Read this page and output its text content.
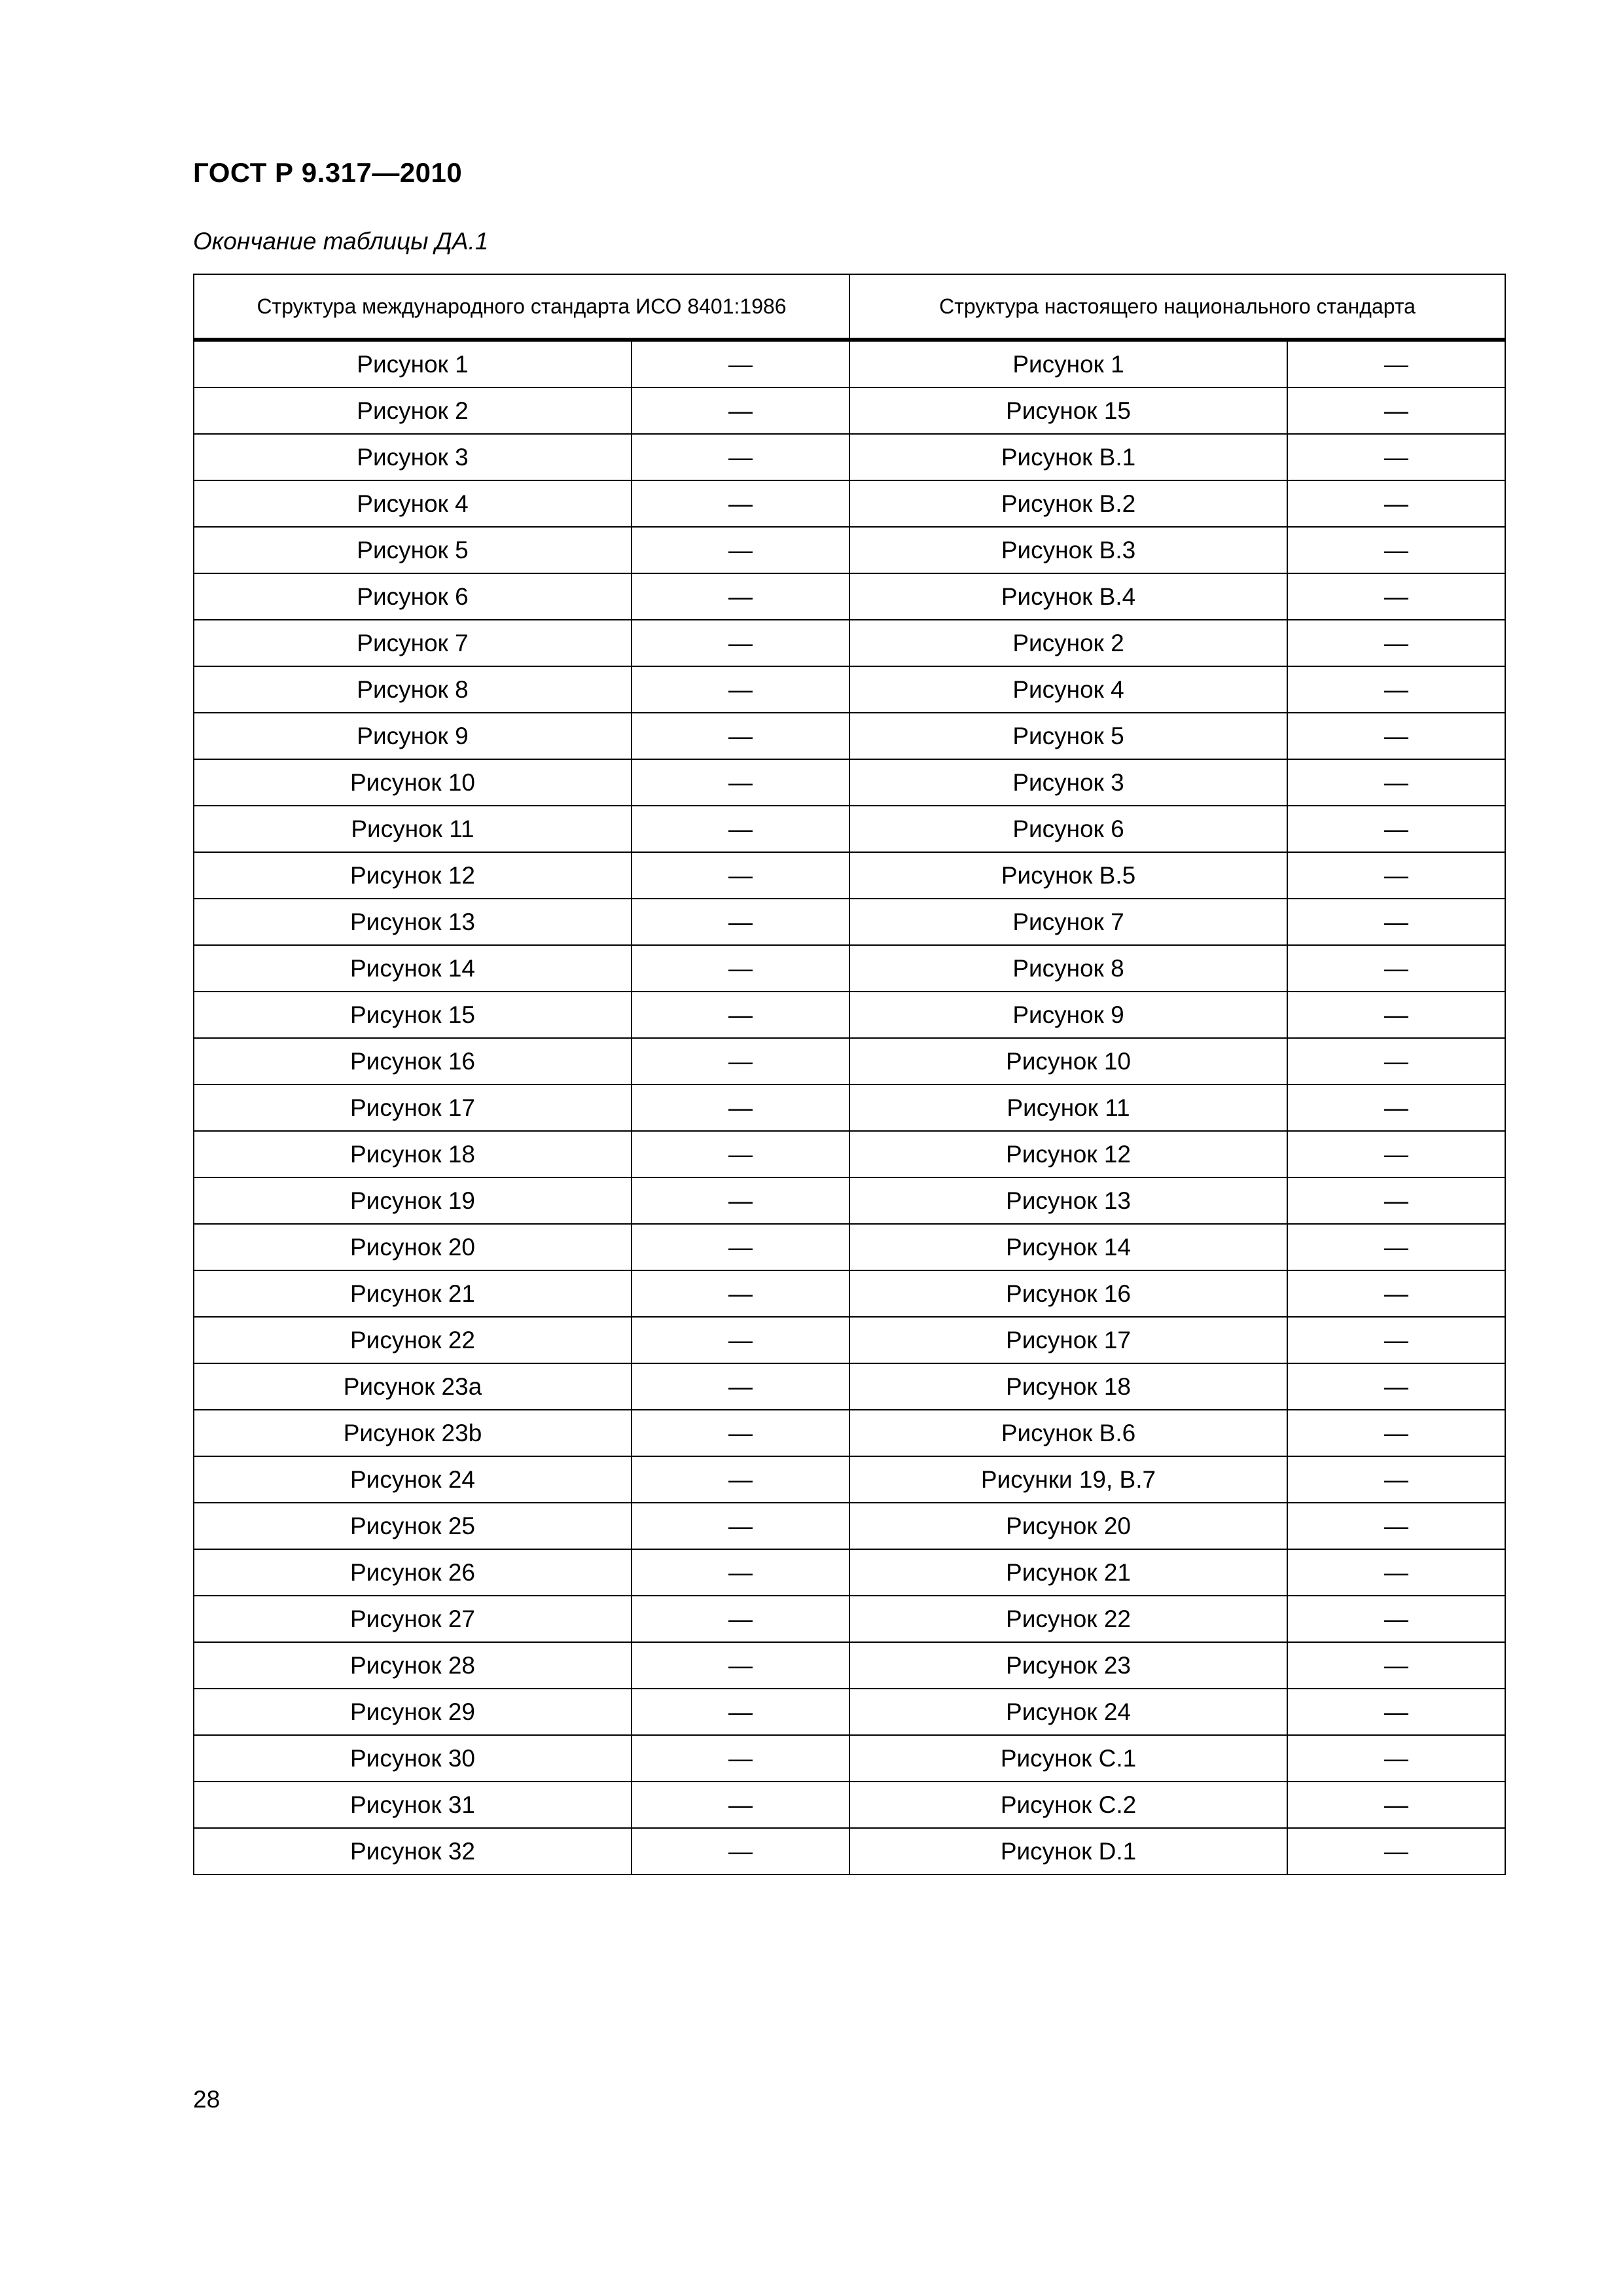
ГОСТ Р 9.317—2010
Окончание таблицы ДА.1
Структура международного стандарта ИСО 8401:1986		Структура настоящего национального стандарта	
Рисунок 1	—	Рисунок 1	—
Рисунок 2	—	Рисунок 15	—
Рисунок 3	—	Рисунок В.1	—
Рисунок 4	—	Рисунок В.2	—
Рисунок 5	—	Рисунок В.3	—
Рисунок 6	—	Рисунок В.4	—
Рисунок 7	—	Рисунок 2	—
Рисунок 8	—	Рисунок 4	—
Рисунок 9	—	Рисунок 5	—
Рисунок 10	—	Рисунок 3	—
Рисунок 11	—	Рисунок 6	—
Рисунок 12	—	Рисунок В.5	—
Рисунок 13	—	Рисунок 7	—
Рисунок 14	—	Рисунок 8	—
Рисунок 15	—	Рисунок 9	—
Рисунок 16	—	Рисунок 10	—
Рисунок 17	—	Рисунок 11	—
Рисунок 18	—	Рисунок 12	—
Рисунок 19	—	Рисунок 13	—
Рисунок 20	—	Рисунок 14	—
Рисунок 21	—	Рисунок 16	—
Рисунок 22	—	Рисунок 17	—
Рисунок 23а	—	Рисунок 18	—
Рисунок 23b	—	Рисунок В.6	—
Рисунок 24	—	Рисунки 19, В.7	—
Рисунок 25	—	Рисунок 20	—
Рисунок 26	—	Рисунок 21	—
Рисунок 27	—	Рисунок 22	—
Рисунок 28	—	Рисунок 23	—
Рисунок 29	—	Рисунок 24	—
Рисунок 30	—	Рисунок С.1	—
Рисунок 31	—	Рисунок С.2	—
Рисунок 32	—	Рисунок D.1	—
28
